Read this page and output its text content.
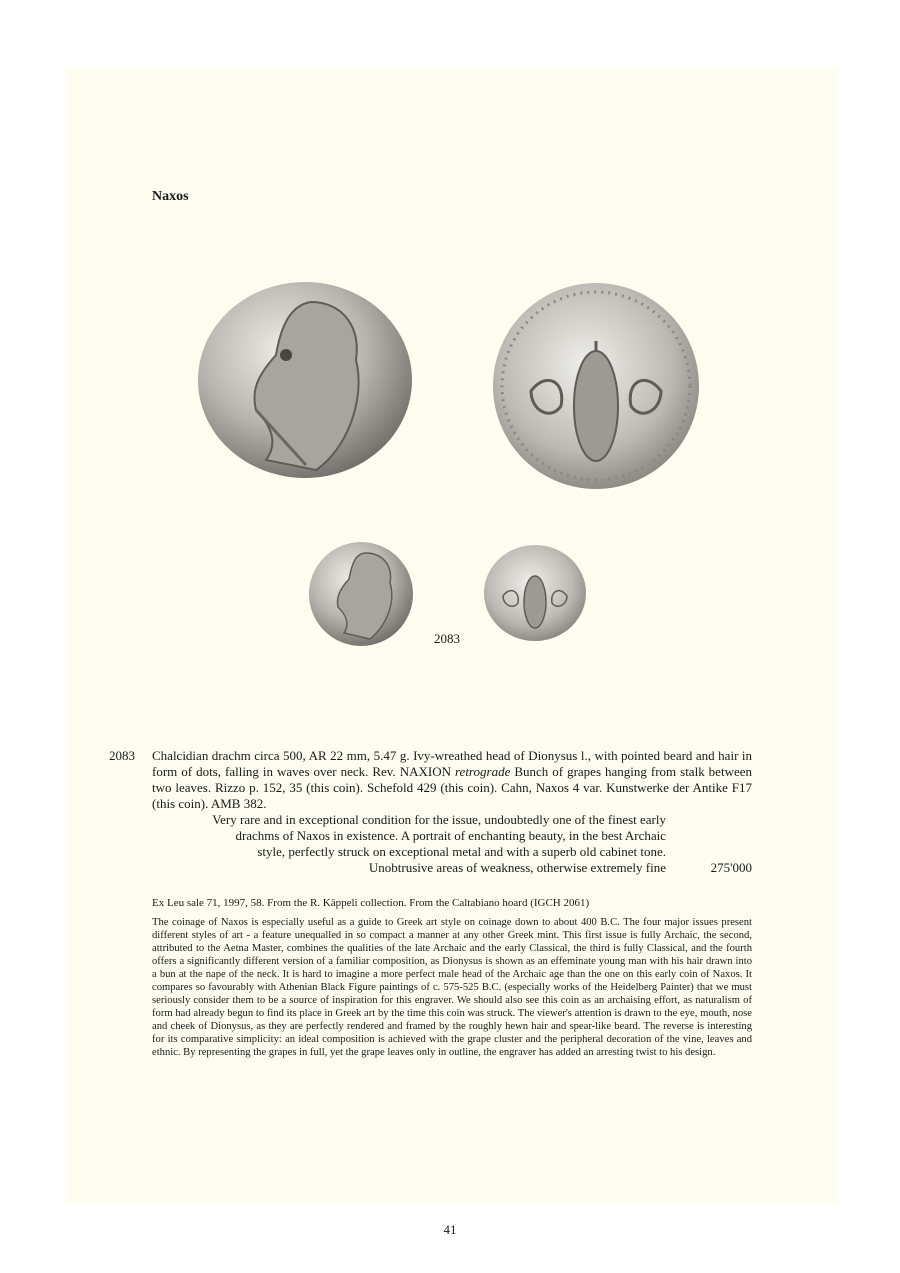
Naxos
2083
2083 Chalcidian drachm circa 500, AR 22 mm, 5.47 g. Ivy-wreathed head of Dionysus l., with pointed beard and hair in form of dots, falling in waves over neck. Rev. NAXION retrograde Bunch of grapes hanging from stalk between two leaves. Rizzo p. 152, 35 (this coin). Schefold 429 (this coin). Cahn, Naxos 4 var. Kunstwerke der Antike F17 (this coin). AMB 382.
Very rare and in exceptional condition for the issue, undoubtedly one of the finest early
drachms of Naxos in existence. A portrait of enchanting beauty, in the best Archaic
style, perfectly struck on exceptional metal and with a superb old cabinet tone.
Unobtrusive areas of weakness, otherwise extremely fine	275'000
Ex Leu sale 71, 1997, 58. From the R. Käppeli collection. From the Caltabiano hoard (IGCH 2061)
The coinage of Naxos is especially useful as a guide to Greek art style on coinage down to about 400 B.C. The four major issues present different styles of art - a feature unequalled in so compact a manner at any other Greek mint. This first issue is fully Archaic, the second, attributed to the Aetna Master, combines the qualities of the late Archaic and the early Classical, the third is fully Classical, and the fourth offers a significantly different version of a familiar composition, as Dionysus is shown as an effeminate young man with his hair drawn into a bun at the nape of the neck. It is hard to imagine a more perfect male head of the Archaic age than the one on this early coin of Naxos. It compares so favourably with Athenian Black Figure paintings of c. 575-525 B.C. (especially works of the Heidelberg Painter) that we must seriously consider them to be a source of inspiration for this engraver. We should also see this coin as an archaising effort, as naturalism of form had already begun to find its place in Greek art by the time this coin was struck. The viewer's attention is drawn to the eye, mouth, nose and cheek of Dionysus, as they are perfectly rendered and framed by the roughly hewn hair and spear-like beard. The reverse is interesting for its comparative simplicity: an ideal composition is achieved with the grape cluster and the peripheral decoration of the vine, leaves and ethnic. By representing the grapes in full, yet the grape leaves only in outline, the engraver has added an arresting twist to his design.
41
